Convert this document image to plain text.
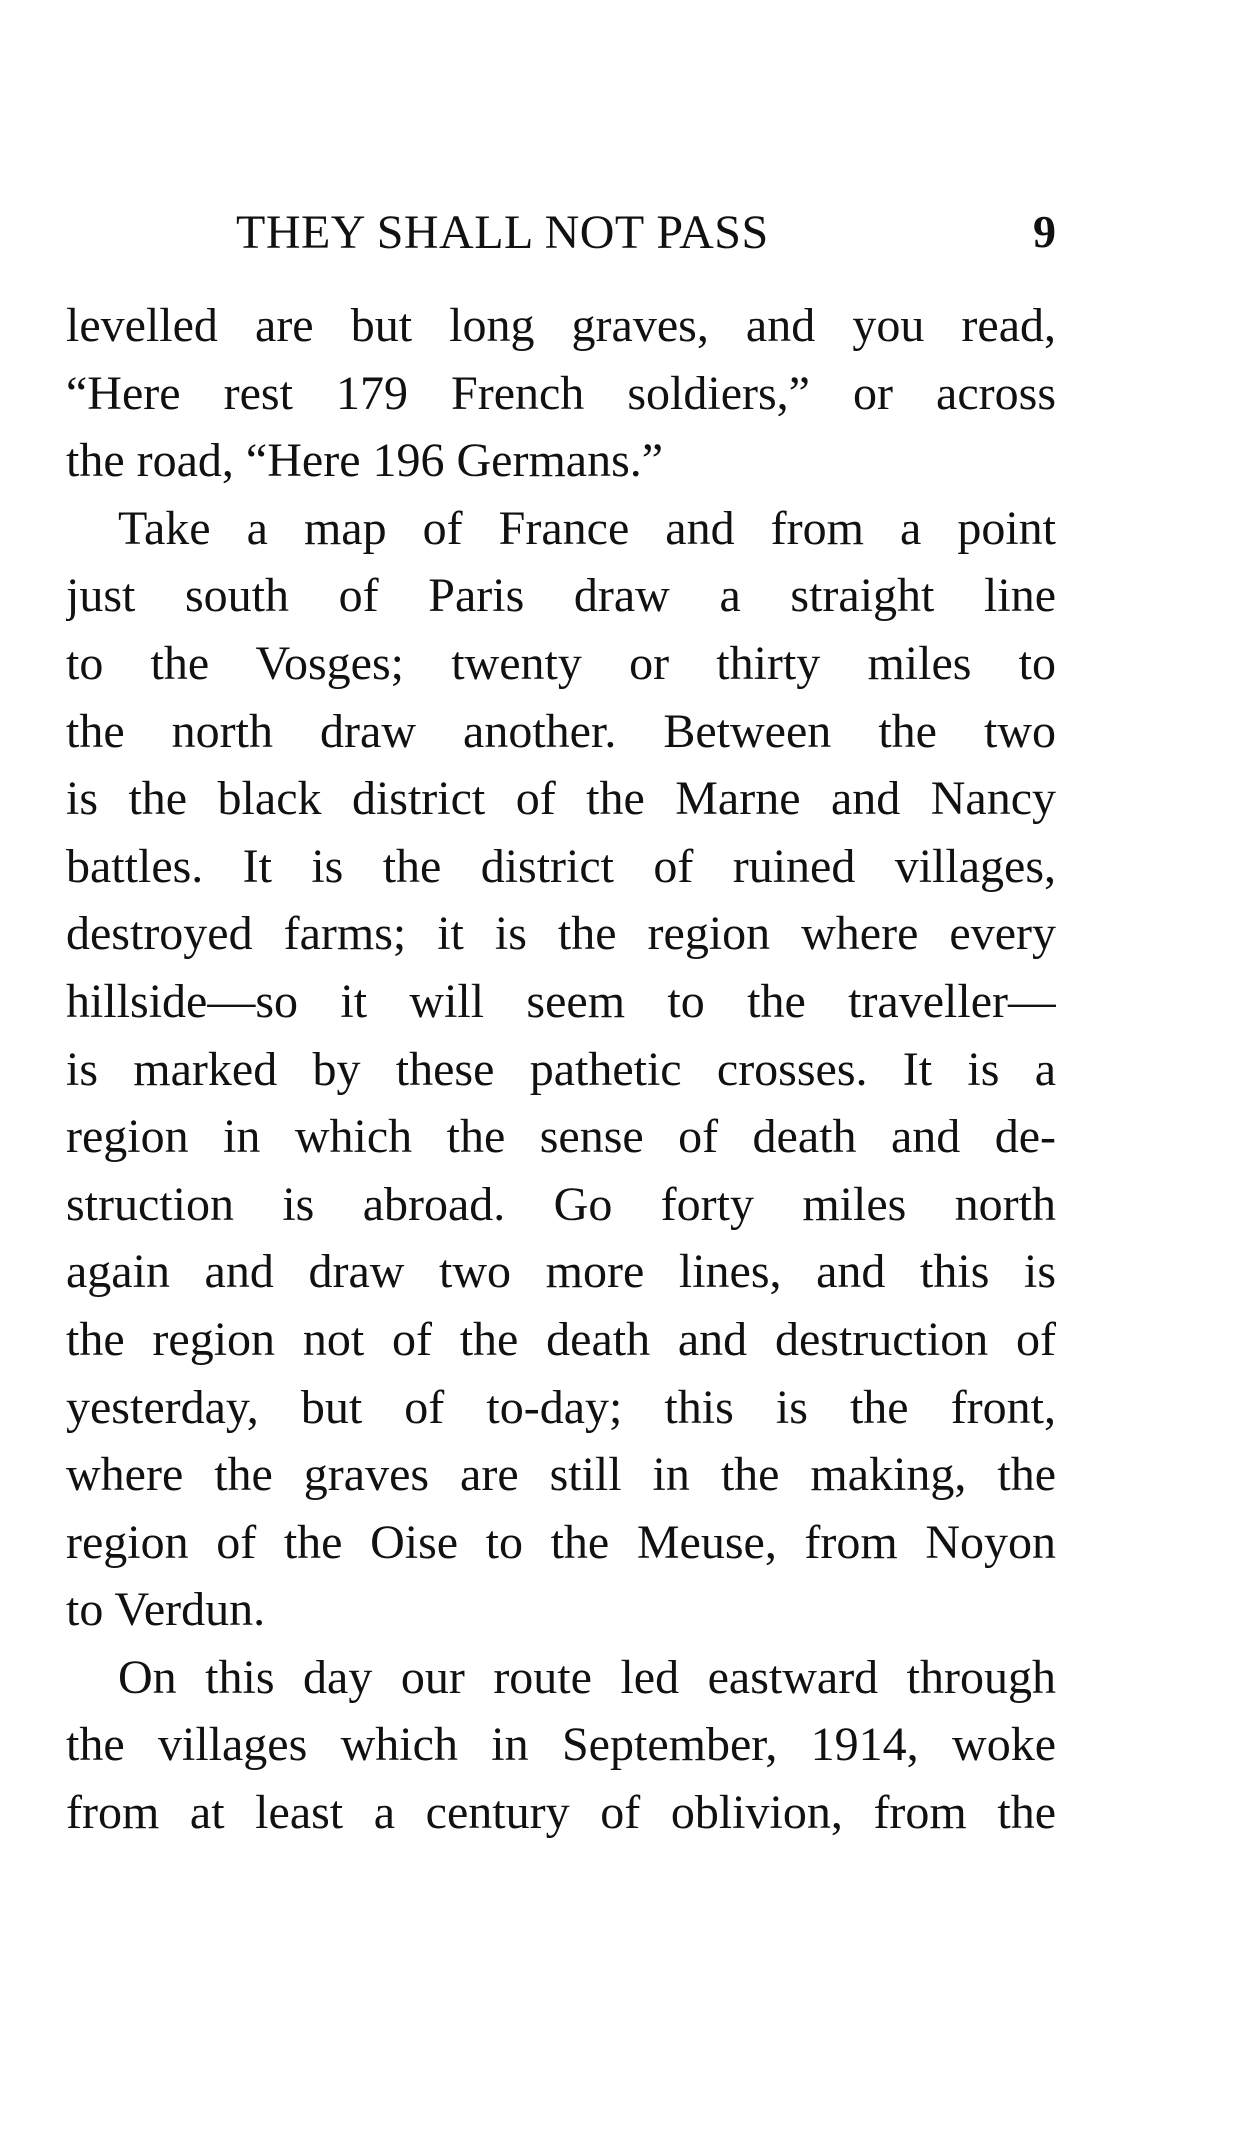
THEY SHALL NOT PASS	9
levelled are but long graves, and you read,
“Here rest 179 French soldiers,” or across
the road, “Here 196 Germans.”
Take a map of France and from a point
just south of Paris draw a straight line
to the Vosges; twenty or thirty miles to
the north draw another. Between the two
is the black district of the Marne and Nancy
battles. It is the district of ruined villages,
destroyed farms; it is the region where every
hillside—so it will seem to the traveller—
is marked by these pathetic crosses. It is a
region in which the sense of death and de-
struction is abroad. Go forty miles north
again and draw two more lines, and this is
the region not of the death and destruction of
yesterday, but of to-day; this is the front,
where the graves are still in the making, the
region of the Oise to the Meuse, from Noyon
to Verdun.
On this day our route led eastward through
the villages which in September, 1914, woke
from at least a century of oblivion, from the
